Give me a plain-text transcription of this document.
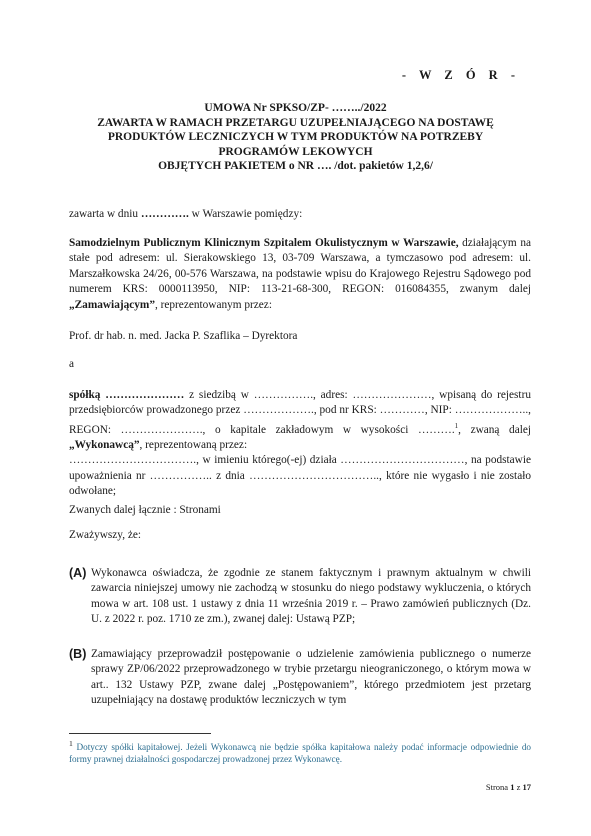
- W Z Ó R -
UMOWA Nr SPKSO/ZP- ……../2022
ZAWARTA W RAMACH PRZETARGU UZUPEŁNIAJĄCEGO NA DOSTAWĘ
PRODUKTÓW LECZNICZYCH W TYM PRODUKTÓW NA POTRZEBY
PROGRAMÓW LEKOWYCH
OBJĘTYCH PAKIETEM o NR …. /dot. pakietów 1,2,6/
zawarta w dniu …………. w Warszawie pomiędzy:
Samodzielnym Publicznym Klinicznym Szpitalem Okulistycznym w Warszawie, działającym na stałe pod adresem: ul. Sierakowskiego 13, 03-709 Warszawa, a tymczasowo pod adresem: ul. Marszałkowska 24/26, 00-576 Warszawa, na podstawie wpisu do Krajowego Rejestru Sądowego pod numerem KRS: 0000113950, NIP: 113-21-68-300, REGON: 016084355, zwanym dalej „Zamawiającym”, reprezentowanym przez:
Prof. dr hab. n. med. Jacka P. Szaflika – Dyrektora
a
spółką ………………… z siedzibą w ……………., adres: …………………, wpisaną do rejestru przedsiębiorców prowadzonego przez ………………., pod nr KRS: …………, NIP: ……………….., REGON: …………………., o kapitale zakładowym w wysokości ……….$^1$, zwaną dalej „Wykonawcą”, reprezentowaną przez:
……………………………., w imieniu którego(-ej) działa ……………………………, na podstawie upoważnienia nr …………….. z dnia …………………………….., które nie wygasło i nie zostało odwołane;
Zwanych dalej łącznie : Stronami
Zważywszy, że:
(A) Wykonawca oświadcza, że zgodnie ze stanem faktycznym i prawnym aktualnym w chwili zawarcia niniejszej umowy nie zachodzą w stosunku do niego podstawy wykluczenia, o których mowa w art. 108 ust. 1 ustawy z dnia 11 września 2019 r. – Prawo zamówień publicznych (Dz. U. z 2022 r. poz. 1710 ze zm.), zwanej dalej: Ustawą PZP;
(B) Zamawiający przeprowadził postępowanie o udzielenie zamówienia publicznego o numerze sprawy ZP/06/2022 przeprowadzonego w trybie przetargu nieograniczonego, o którym mowa w art.. 132 Ustawy PZP, zwane dalej „Postępowaniem”, którego przedmiotem jest przetarg uzupełniający na dostawę produktów leczniczych w tym
$^1$ Dotyczy spółki kapitałowej. Jeżeli Wykonawcą nie będzie spółka kapitałowa należy podać informacje odpowiednie do formy prawnej działalności gospodarczej prowadzonej przez Wykonawcę.
Strona 1 z 17
